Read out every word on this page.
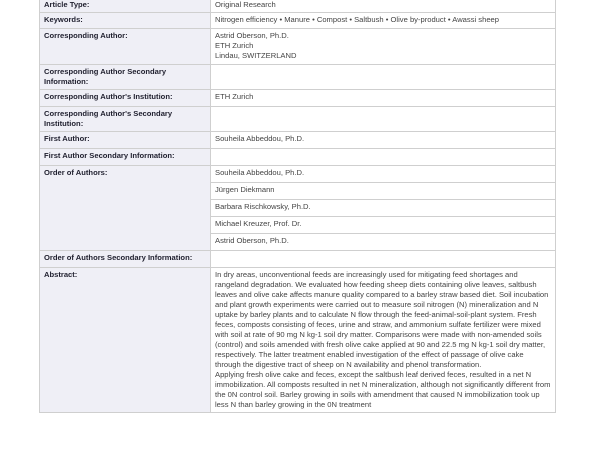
Article Type:	Original Research
Keywords:	Nitrogen efficiency • Manure • Compost • Saltbush • Olive by-product • Awassi sheep
Corresponding Author:	Astrid Oberson, Ph.D.
ETH Zurich
Lindau, SWITZERLAND

Corresponding Author Secondary Information:	
Corresponding Author's Institution:	ETH Zurich
Corresponding Author's Secondary Institution:	
First Author:	Souheila Abbeddou, Ph.D.
First Author Secondary Information:	
Order of Authors:	Souheila Abbeddou, Ph.D.
	Jürgen Diekmann
	Barbara Rischkowsky, Ph.D.
	Michael Kreuzer, Prof. Dr.
	Astrid Oberson, Ph.D.
Order of Authors Secondary Information:	
Abstract:	In dry areas, unconventional feeds are increasingly used for mitigating feed shortages and rangeland degradation. We evaluated how feeding sheep diets containing olive leaves, saltbush leaves and olive cake affects manure quality compared to a barley straw based diet. Soil incubation and plant growth experiments were carried out to measure soil nitrogen (N) mineralization and N uptake by barley plants and to calculate N flow through the feed-animal-soil-plant system. Fresh feces, composts consisting of feces, urine and straw, and ammonium sulfate fertilizer were mixed with soil at rate of 90 mg N kg-1 soil dry matter. Comparisons were made with non-amended soils (control) and soils amended with fresh olive cake applied at 90 and 22.5 mg N kg-1 soil dry matter, respectively. The latter treatment enabled investigation of the effect of passage of olive cake through the digestive tract of sheep on N availability and phenol transformation.
Applying fresh olive cake and feces, except the saltbush leaf derived feces, resulted in a net N immobilization. All composts resulted in net N mineralization, although not significantly different from the 0N control soil. Barley growing in soils with amendment that caused N immobilization took up less N than barley growing in the 0N treatment
